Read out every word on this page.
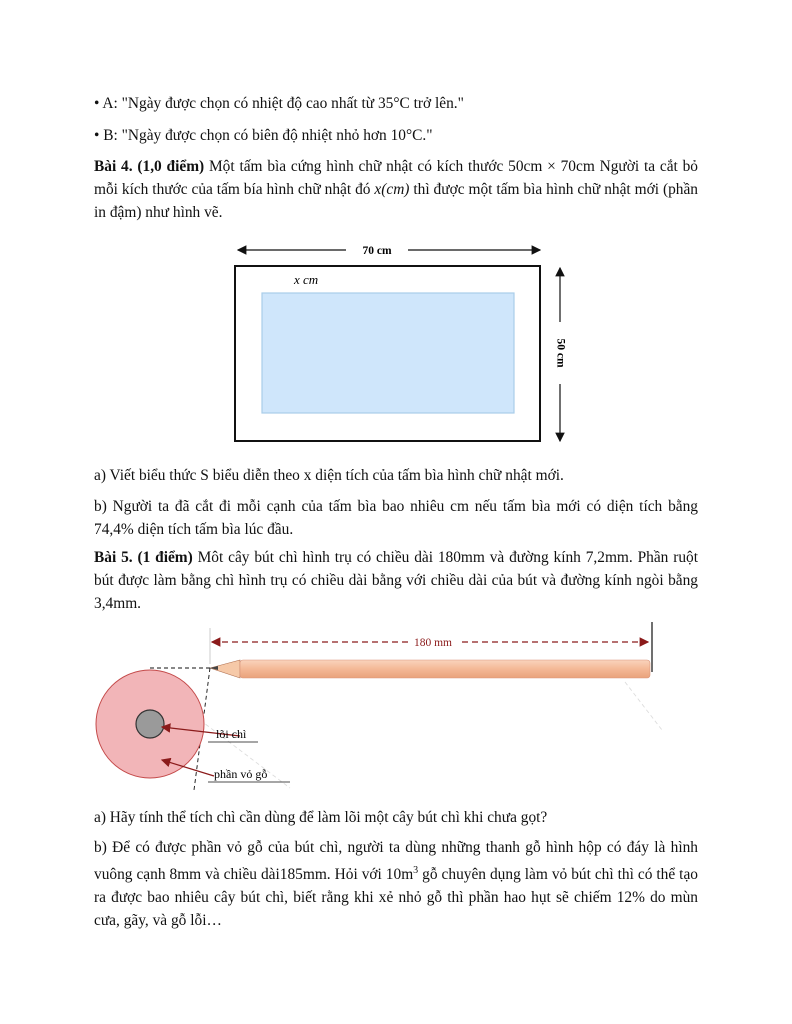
• A: "Ngày được chọn có nhiệt độ cao nhất từ 35°C trở lên."
• B: "Ngày được chọn có biên độ nhiệt nhỏ hơn 10°C."
Bài 4. (1,0 điểm) Một tấm bìa cứng hình chữ nhật có kích thước 50cm × 70cm Người ta cắt bỏ mỗi kích thước của tấm bía hình chữ nhật đó x(cm) thì được một tấm bìa hình chữ nhật mới (phần in đậm) như hình vẽ.
70 cm
x cm
50 cm
a) Viết biểu thức S biểu diễn theo x diện tích của tấm bìa hình chữ nhật mới.
b) Người ta đã cắt đi mỗi cạnh của tấm bìa bao nhiêu cm nếu tấm bìa mới có diện tích bằng 74,4% diện tích tấm bìa lúc đầu.
Bài 5. (1 điểm) Môt cây bút chì hình trụ có chiều dài 180mm và đường kính 7,2mm. Phần ruột bút được làm bằng chì hình trụ có chiều dài bằng với chiều dài của bút và đường kính ngòi bằng 3,4mm.
180 mm
lõi chì
phần vỏ gỗ
a) Hãy tính thể tích chì cần dùng để làm lõi một cây bút chì khi chưa gọt?
b) Để có được phần vỏ gỗ của bút chì, người ta dùng những thanh gỗ hình hộp có đáy là hình vuông cạnh 8mm và chiều dài185mm. Hỏi với $10m^3$ gỗ chuyên dụng làm vỏ bút chì thì có thể tạo ra được bao nhiêu cây bút chì, biết rằng khi xẻ nhỏ gỗ thì phần hao hụt sẽ chiếm 12% do mùn cưa, gãy, và gỗ lỗi…
